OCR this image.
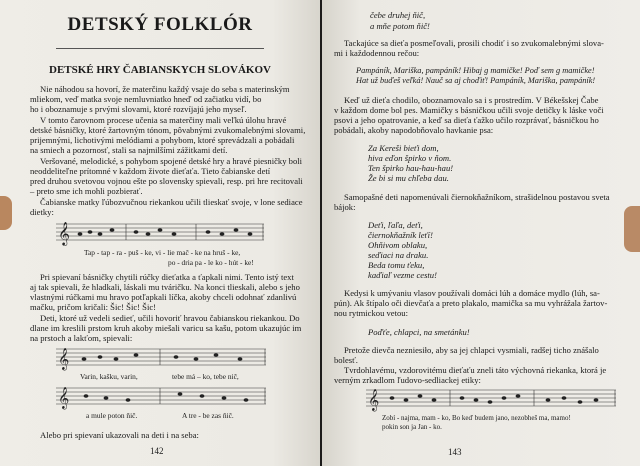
DETSKÝ FOLKLÓR
DETSKÉ HRY ČABIANSKYCH SLOVÁKOV
Nie náhodou sa hovorí, že materčinu každý vsaje do seba s materinským
mliekom, veď matka svoje nemluvniatko hneď od začiatku vidí, bo
ho i oboznamuje s prvými slovami, ktoré rozvíjajú jeho myseľ.
V tomto čarovnom procese učenia sa materčiny mali veľkú úlohu hravé
detské básničky, ktoré žartovným tónom, pôvabnými zvukomalebnými slovami,
prijemnými, lichotivými melódiami a pohybom, ktoré sprevádzali a pobádali
na smiech a pozornosť, stali sa najmilšími zážitkami detí.
Veršované, melodické, s pohybom spojené detské hry a hravé piesničky boli
neoddeliteľne prítomné v každom živote dieťaťa. Tieto čabianske detí
pred druhou svetovou vojnou ešte po slovensky spievali, resp. pri hre recitovali
– preto sme ich mohli pozbierať.
Čabianske matky ľúbozvučnou riekankou učili tlieskať svoje, v lone sediace
dietky:
𝄞
Tap - tap - ra - puš - ke, vi - lie mač - ke na hruš - ke,
po - dria pa - le ko - hút - ke!
Pri spievaní básničky chytili rúčky dieťatka a ťapkali nimi. Tento istý text
aj tak spievali, že hladkali, láskali mu tváričku. Na konci tlieskali, alebo s jeho
vlastnými rúčkami mu hravo potľapkali líčka, akoby chceli odohnať zdanlivú
mačku, pričom kričali: Šic! Šic! Šic!
Deti, ktoré už vedeli sedieť, učili hovoriť hravou čabianskou riekankou. Do
dlane im kreslili prstom kruh akoby miešali varicu sa kašu, potom ukazujúc im
na prstoch a lakťom, spievali:
𝄞
Varin, kašku, varin,	tebe má – ko, tebe nič,
𝄞
a mule poton ňič.	A tre - be zas ňič.
Alebo pri spievaní ukazovali na deti i na seba:
142
čebe druhej ňič,
a mňe potom ňič!
Tackajúce sa dieťa posmeľovali, prosili chodiť i so zvukomalebnými slova-
mi i každodennou rečou:
Pampáník, Mariška, pampáník! Hibaj g mamičke! Poď sem g mamičke!
Hat už buďeš veľká! Nauč sa aj choďiť! Pampáník, Mariška, pampáník!
Keď už dieťa chodilo, oboznamovalo sa i s prostredím. V Békešskej Čabe
v každom dome bol pes. Mamičky s básničkou učili svoje detičky k láske voči
psovi a jeho opatrovanie, a keď sa dieťa ťažko učilo rozprávať, básničkou ho
pobádali, akoby napodobňovalo havkanie psa:
Za Kereši bieťi dom,
hiva eďon špirko v ňom.
Ten špirko hau-hau-hau!
Že bi si mu chľeba dau.
Samopašné deti napomenúvali čiernokňažníkom, strašidelnou postavou sveta
bájok:
Deťi, ľaľa, deťi,
čiernokňažník leťí!
Ohňivom oblaku,
seďiaci na draku.
Beda tomu ťeku,
kaďiaľ vezme cestu!
Kedysi k umývaniu vlasov používali domáci lúh a domáce mydlo (lúh, sa-
pún). Ak štípalo oči dievčaťa a preto plakalo, mamička sa mu vyhrážala žartov-
nou rytmickou vetou:
Poďťe, chlapci, na smetánku!
Pretože dievča nezniesiło, aby sa jej chlapci vysmiali, radšej ticho znášalo
bolesť.
Tvrdohlavému, vzdorovitému dieťaťu zneli táto výchovná riekanka, ktorá je
verným zrkadlom ľudovo-sedliackej etiky:
𝄞
Zobí - najma, mam - ko, Bo keď budem jano, nezobheš ma, mamo!
pokin son ja Jan - ko.
143
